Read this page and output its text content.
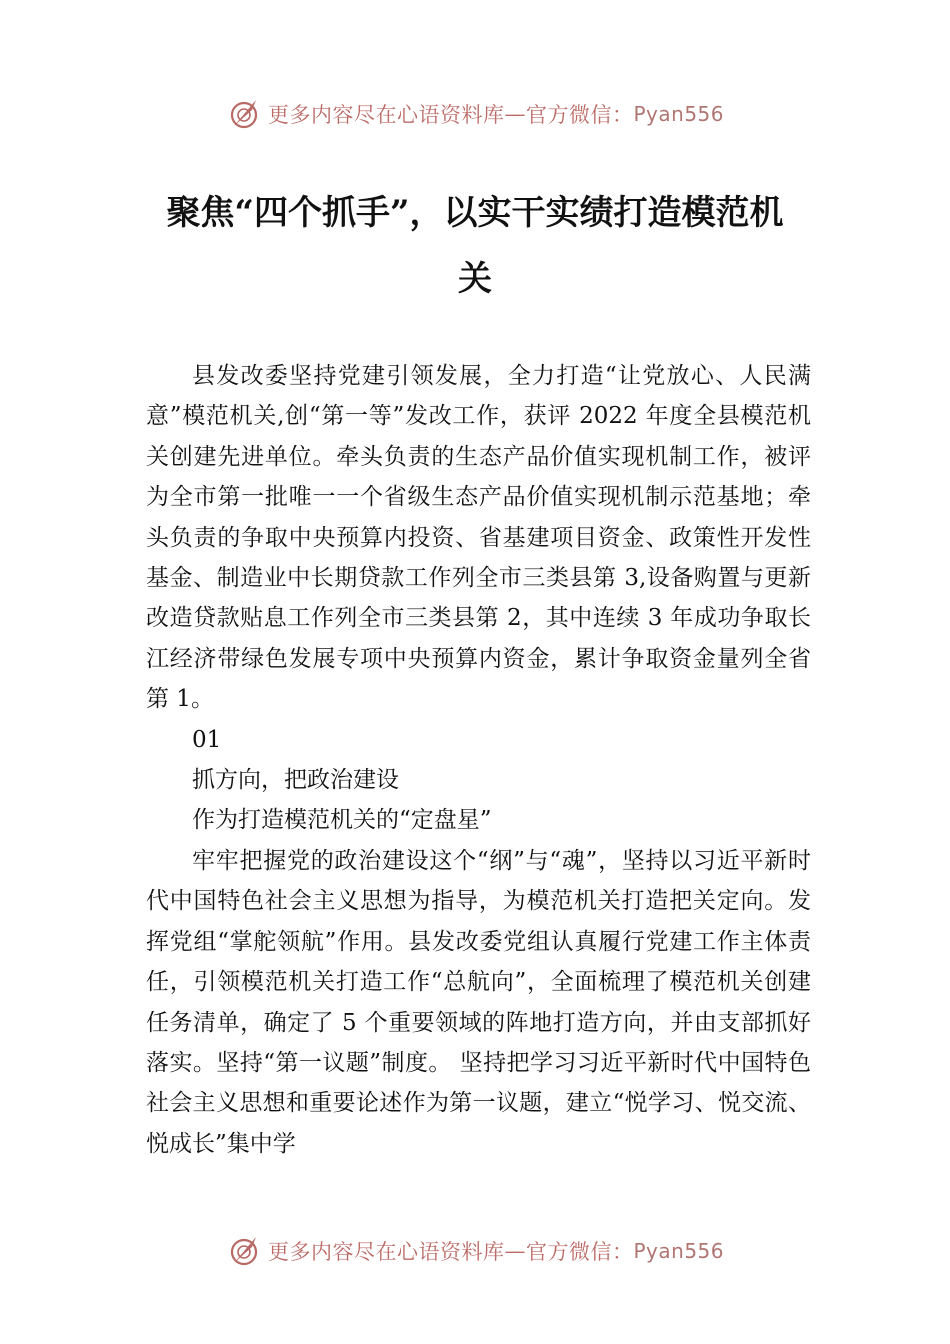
更多内容尽在心语资料库 — 官方微信： Pyan556
聚焦“四个抓手”，以实干实绩打造模范机
关

县发改委坚持党建引领发展，全力打造“让党放心、人民满意”模范机关,创“第一等”发改工作，获评 2022 年度全县模范机关创建先进单位。牵头负责的生态产品价值实现机制工作，被评为全市第一批唯一一个省级生态产品价值实现机制示范基地；牵头负责的争取中央预算内投资、省基建项目资金、政策性开发性基金、制造业中长期贷款工作列全市三类县第 3,设备购置与更新改造贷款贴息工作列全市三类县第 2，其中连续 3 年成功争取长江经济带绿色发展专项中央预算内资金，累计争取资金量列全省第 1。

01

抓方向，把政治建设

作为打造模范机关的“定盘星”

牢牢把握党的政治建设这个“纲”与“魂”，坚持以习近平新时代中国特色社会主义思想为指导，为模范机关打造把关定向。发挥党组“掌舵领航”作用。县发改委党组认真履行党建工作主体责任，引领模范机关打造工作“总航向”，全面梳理了模范机关创建任务清单，确定了 5 个重要领域的阵地打造方向，并由支部抓好落实。坚持“第一议题”制度。 坚持把学习习近平新时代中国特色社会主义思想和重要论述作为第一议题，建立“悦学习、悦交流、悦成长”集中学

更多内容尽在心语资料库 — 官方微信： Pyan556
